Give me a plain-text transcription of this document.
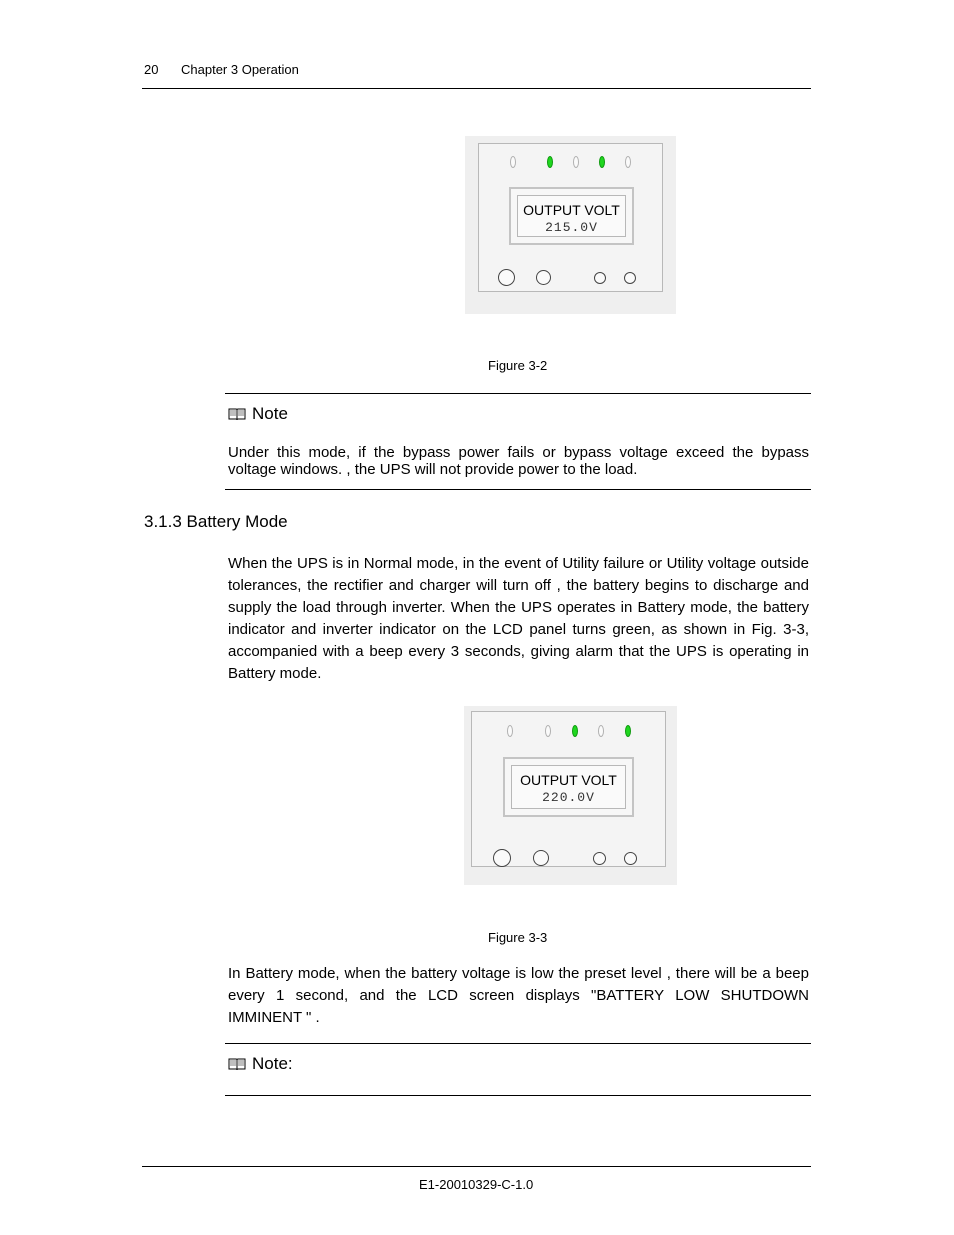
20 Chapter 3 Operation
OUTPUT VOLT
215.0V
Figure 3-2
Note
Under this mode, if the bypass power fails or bypass voltage exceed the bypass voltage windows. , the UPS will not provide power to the load.
3.1.3 Battery Mode
When the UPS is in Normal mode, in the event of Utility failure or Utility voltage outside tolerances, the rectifier and charger will turn off , the battery begins to discharge and supply the load through inverter. When the UPS operates in Battery mode, the battery indicator and inverter indicator on the LCD panel turns green, as shown in Fig. 3-3, accompanied with a beep every 3 seconds, giving alarm that the UPS is operating in Battery mode.
OUTPUT VOLT
220.0V
Figure 3-3
In Battery mode, when the battery voltage is low the preset level , there will be a beep every 1 second, and the LCD screen displays "BATTERY LOW SHUTDOWN IMMINENT " .
Note:
E1-20010329-C-1.0
